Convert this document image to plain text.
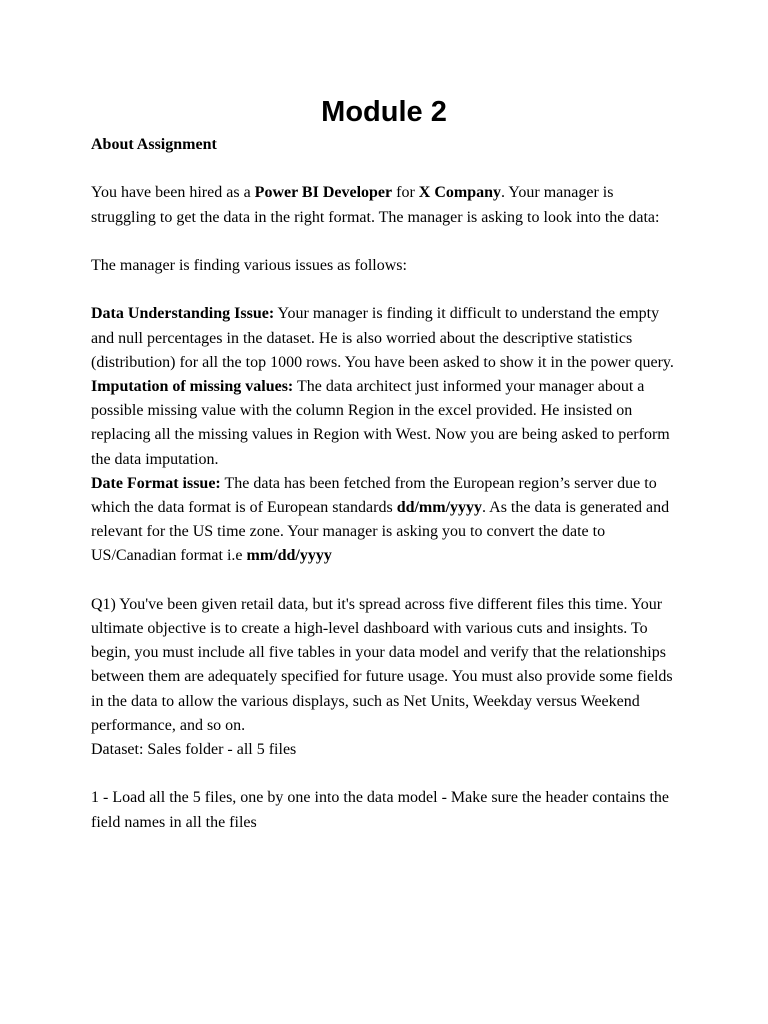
Module 2

About Assignment

You have been hired as a Power BI Developer for X Company. Your manager is struggling to get the data in the right format. The manager is asking to look into the data:

The manager is finding various issues as follows:

Data Understanding Issue: Your manager is finding it difficult to understand the empty and null percentages in the dataset. He is also worried about the descriptive statistics (distribution) for all the top 1000 rows. You have been asked to show it in the power query.

Imputation of missing values: The data architect just informed your manager about a possible missing value with the column Region in the excel provided. He insisted on replacing all the missing values in Region with West. Now you are being asked to perform the data imputation.

Date Format issue: The data has been fetched from the European region’s server due to which the data format is of European standards dd/mm/yyyy. As the data is generated and relevant for the US time zone. Your manager is asking you to convert the date to US/Canadian format i.e mm/dd/yyyy

Q1) You've been given retail data, but it's spread across five different files this time. Your ultimate objective is to create a high-level dashboard with various cuts and insights. To begin, you must include all five tables in your data model and verify that the relationships between them are adequately specified for future usage. You must also provide some fields in the data to allow the various displays, such as Net Units, Weekday versus Weekend performance, and so on.

Dataset: Sales folder - all 5 files

1 - Load all the 5 files, one by one into the data model - Make sure the header contains the field names in all the files
